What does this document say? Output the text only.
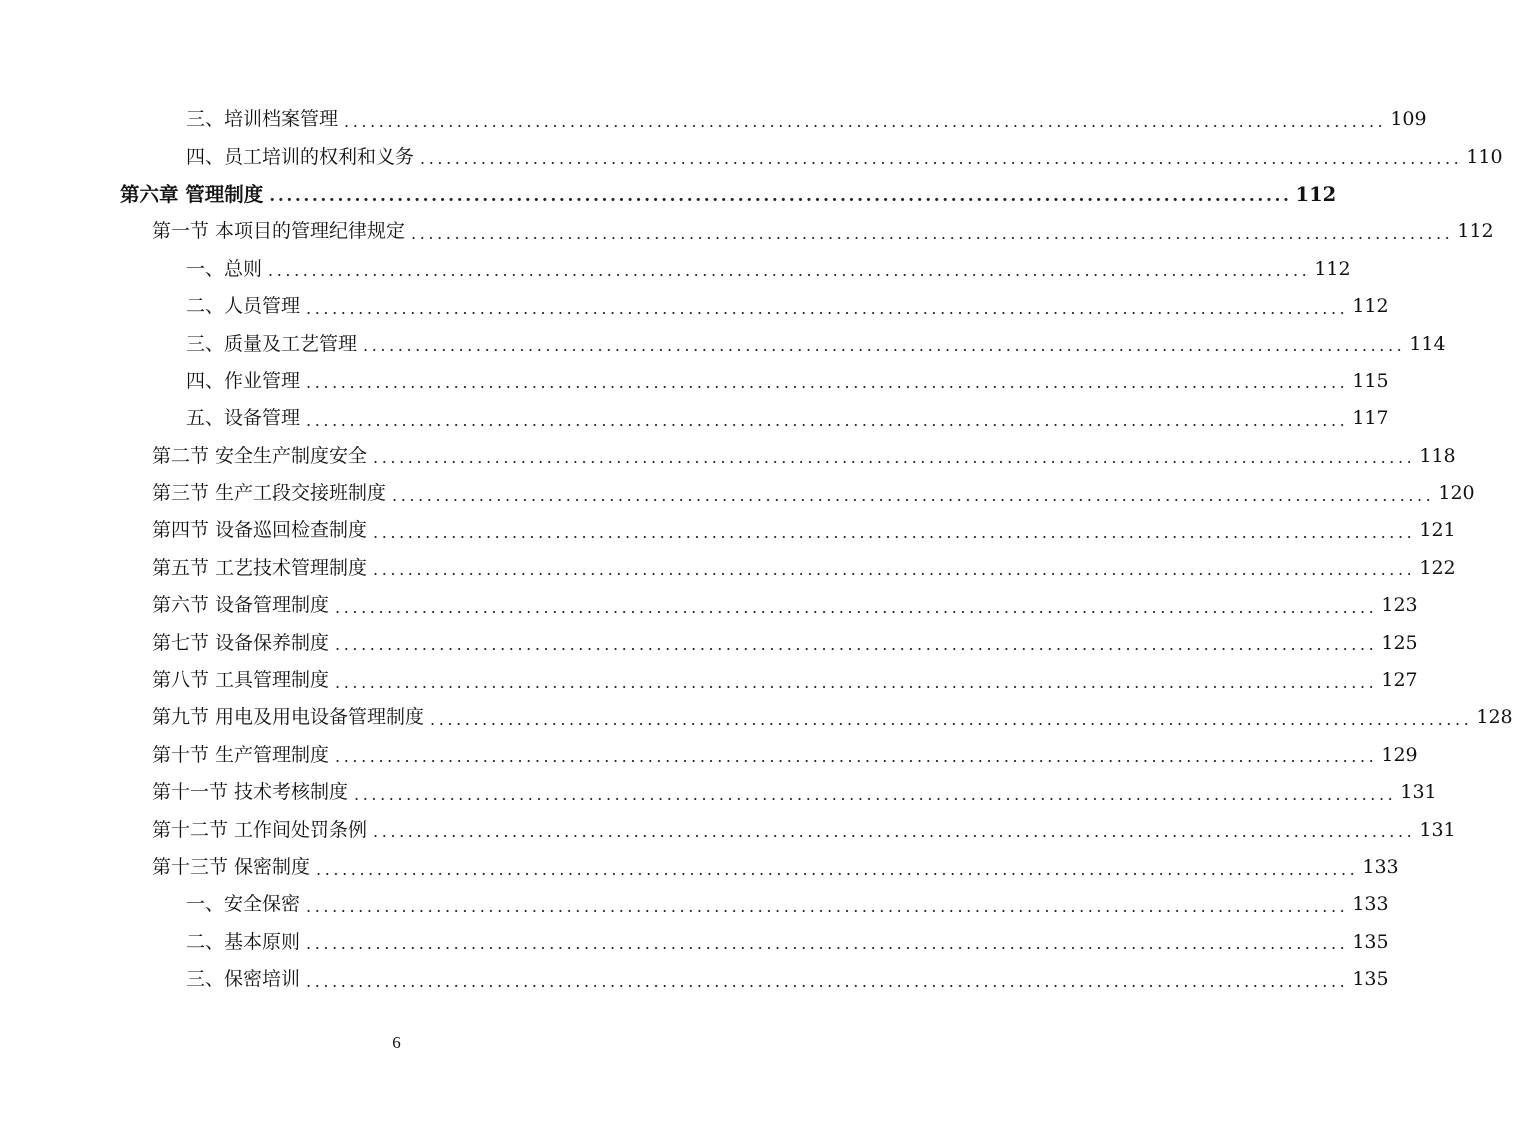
三、培训档案管理 ........................................................................................................................ 109
四、员工培训的权利和义务 ........................................................................................................................ 110
第六章 管理制度 ........................................................................................................................ 112
第一节 本项目的管理纪律规定 ........................................................................................................................ 112
一、总则 ........................................................................................................................ 112
二、人员管理 ........................................................................................................................ 112
三、质量及工艺管理 ........................................................................................................................ 114
四、作业管理 ........................................................................................................................ 115
五、设备管理 ........................................................................................................................ 117
第二节 安全生产制度安全 ........................................................................................................................ 118
第三节 生产工段交接班制度 ........................................................................................................................ 120
第四节 设备巡回检查制度 ........................................................................................................................ 121
第五节 工艺技术管理制度 ........................................................................................................................ 122
第六节 设备管理制度 ........................................................................................................................ 123
第七节 设备保养制度 ........................................................................................................................ 125
第八节 工具管理制度 ........................................................................................................................ 127
第九节 用电及用电设备管理制度 ........................................................................................................................ 128
第十节 生产管理制度 ........................................................................................................................ 129
第十一节 技术考核制度 ........................................................................................................................ 131
第十二节 工作间处罚条例 ........................................................................................................................ 131
第十三节 保密制度 ........................................................................................................................ 133
一、安全保密 ........................................................................................................................ 133
二、基本原则 ........................................................................................................................ 135
三、保密培训 ........................................................................................................................ 135
6
